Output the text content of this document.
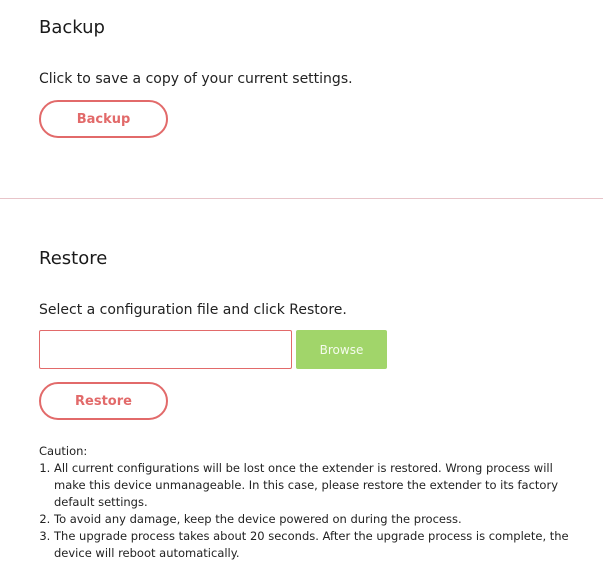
Backup
Click to save a copy of your current settings.
Backup
Restore
Select a configuration file and click Restore.
Browse
Restore
Caution:
1. All current configurations will be lost once the extender is restored. Wrong process will make this device unmanageable. In this case, please restore the extender to its factory default settings.
2. To avoid any damage, keep the device powered on during the process.
3. The upgrade process takes about 20 seconds. After the upgrade process is complete, the device will reboot automatically.
